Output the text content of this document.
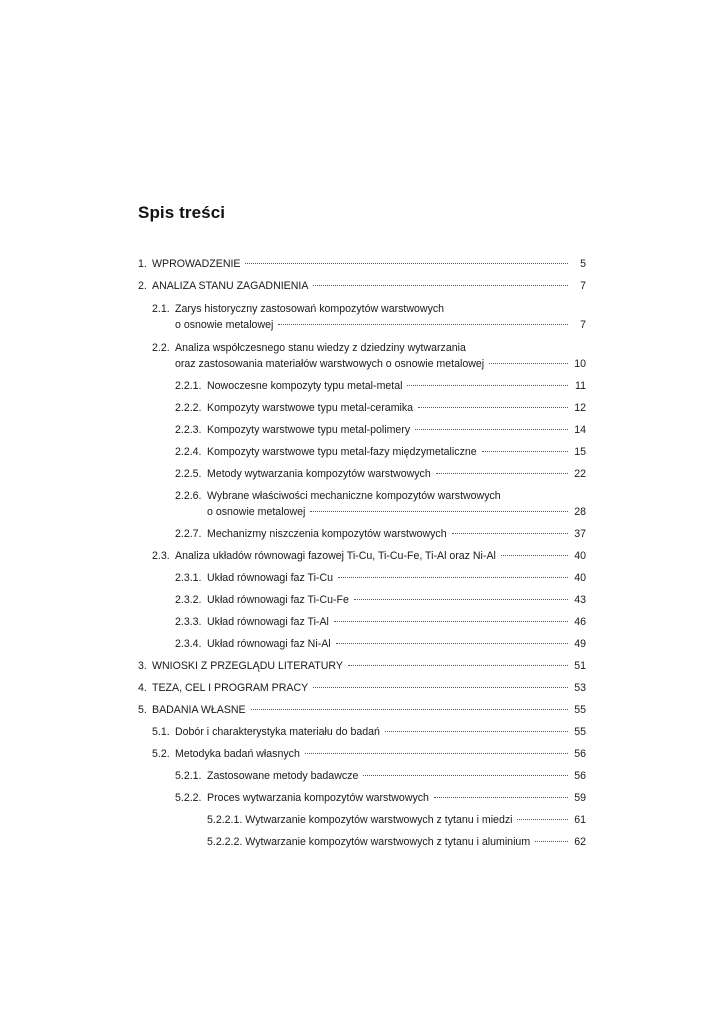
Spis treści
1. WPROWADZENIE	5
2. ANALIZA STANU ZAGADNIENIA	7
2.1. Zarys historyczny zastosowań kompozytów warstwowych
o osnowie metalowej	7
2.2. Analiza współczesnego stanu wiedzy z dziedziny wytwarzania
oraz zastosowania materiałów warstwowych o osnowie metalowej	10
2.2.1. Nowoczesne kompozyty typu metal-metal	11
2.2.2. Kompozyty warstwowe typu metal-ceramika	12
2.2.3. Kompozyty warstwowe typu metal-polimery	14
2.2.4. Kompozyty warstwowe typu metal-fazy międzymetaliczne	15
2.2.5. Metody wytwarzania kompozytów warstwowych	22
2.2.6. Wybrane właściwości mechaniczne kompozytów warstwowych
o osnowie metalowej	28
2.2.7. Mechanizmy niszczenia kompozytów warstwowych	37
2.3. Analiza układów równowagi fazowej Ti-Cu, Ti-Cu-Fe, Ti-Al oraz Ni-Al	40
2.3.1. Układ równowagi faz Ti-Cu	40
2.3.2. Układ równowagi faz Ti-Cu-Fe	43
2.3.3. Układ równowagi faz Ti-Al	46
2.3.4. Układ równowagi faz Ni-Al	49
3. WNIOSKI Z PRZEGLĄDU LITERATURY	51
4. TEZA, CEL I PROGRAM PRACY	53
5. BADANIA WŁASNE	55
5.1. Dobór i charakterystyka materiału do badań	55
5.2. Metodyka badań własnych	56
5.2.1. Zastosowane metody badawcze	56
5.2.2. Proces wytwarzania kompozytów warstwowych	59
5.2.2.1. Wytwarzanie kompozytów warstwowych z tytanu i miedzi	61
5.2.2.2. Wytwarzanie kompozytów warstwowych z tytanu i aluminium	62
